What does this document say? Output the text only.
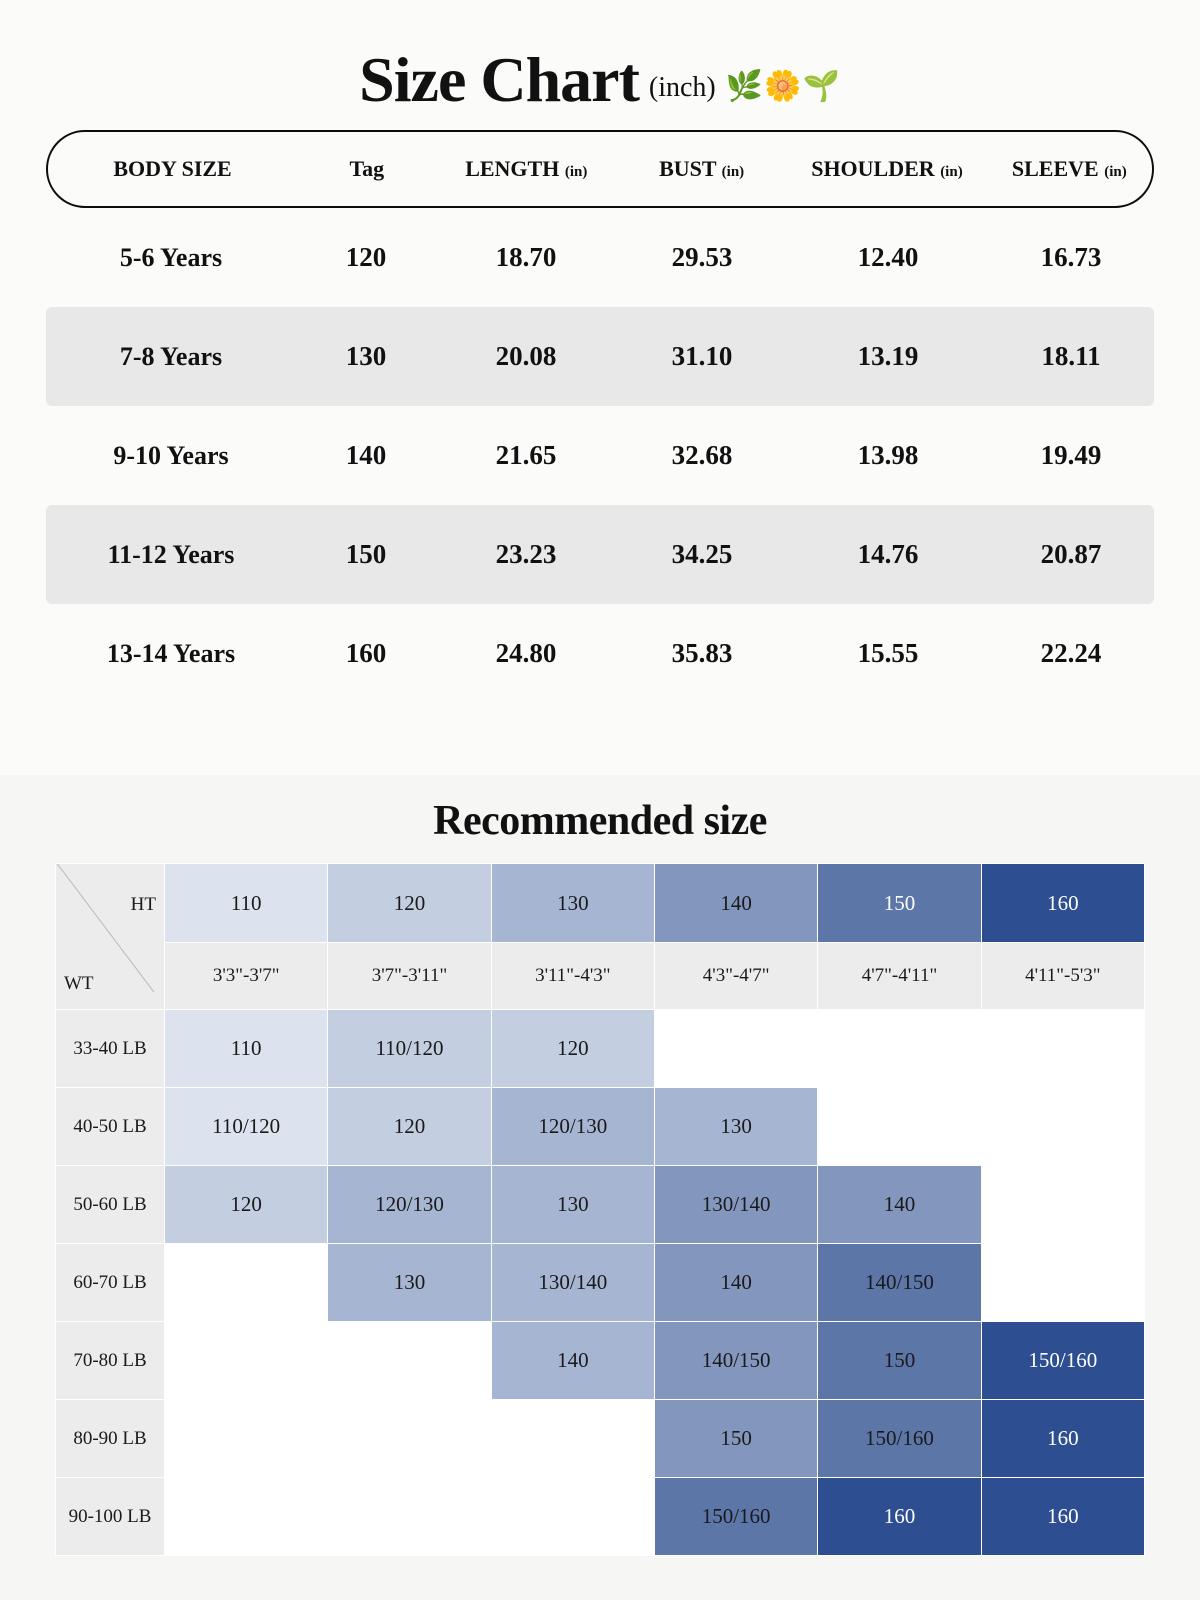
Size Chart (inch) 🌿🌼🌱
BODY SIZE	Tag	LENGTH (in)	BUST (in)	SHOULDER (in)	SLEEVE (in)
5-6 Years	120	18.70	29.53	12.40	16.73
7-8 Years	130	20.08	31.10	13.19	18.11
9-10 Years	140	21.65	32.68	13.98	19.49
11-12 Years	150	23.23	34.25	14.76	20.87
13-14 Years	160	24.80	35.83	15.55	22.24
Recommended size
HT
WT	110	120	130	140	150	160
	3'3"-3'7"	3'7"-3'11"	3'11"-4'3"	4'3"-4'7"	4'7"-4'11"	4'11"-5'3"
33-40 LB	110	110/120	120			
40-50 LB	110/120	120	120/130	130		
50-60 LB	120	120/130	130	130/140	140	
60-70 LB		130	130/140	140	140/150	
70-80 LB			140	140/150	150	150/160
80-90 LB				150	150/160	160
90-100 LB				150/160	160	160
